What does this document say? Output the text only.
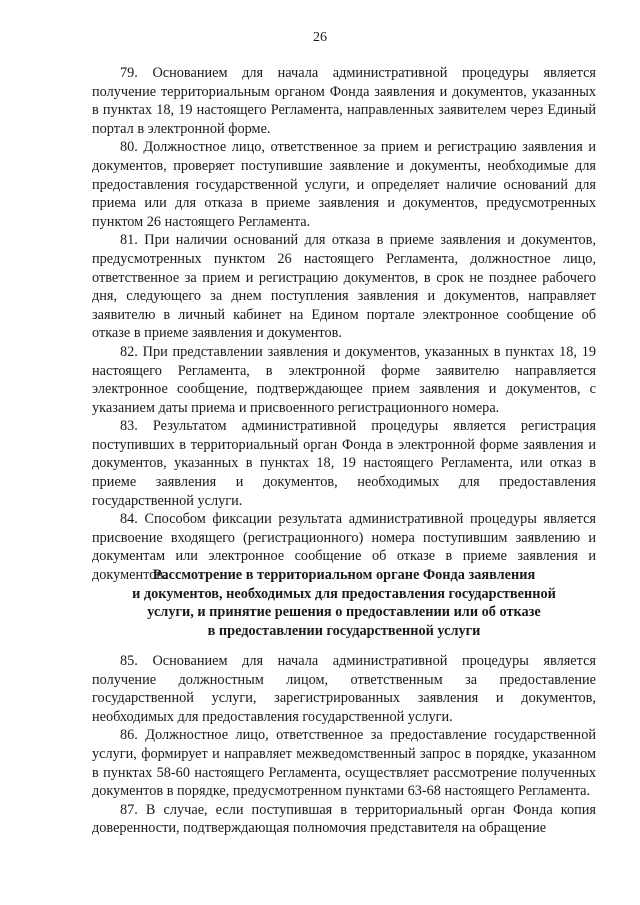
26

79. Основанием для начала административной процедуры является получение территориальным органом Фонда заявления и документов, указанных в пунктах 18, 19 настоящего Регламента, направленных заявителем через Единый портал в электронной форме.

80. Должностное лицо, ответственное за прием и регистрацию заявления и документов, проверяет поступившие заявление и документы, необходимые для предоставления государственной услуги, и определяет наличие оснований для приема или для отказа в приеме заявления и документов, предусмотренных пунктом 26 настоящего Регламента.

81. При наличии оснований для отказа в приеме заявления и документов, предусмотренных пунктом 26 настоящего Регламента, должностное лицо, ответственное за прием и регистрацию документов, в срок не позднее рабочего дня, следующего за днем поступления заявления и документов, направляет заявителю в личный кабинет на Едином портале электронное сообщение об отказе в приеме заявления и документов.

82. При представлении заявления и документов, указанных в пунктах 18, 19 настоящего Регламента, в электронной форме заявителю направляется электронное сообщение, подтверждающее прием заявления и документов, с указанием даты приема и присвоенного регистрационного номера.

83. Результатом административной процедуры является регистрация поступивших в территориальный орган Фонда в электронной форме заявления и документов, указанных в пунктах 18, 19 настоящего Регламента, или отказ в приеме заявления и документов, необходимых для предоставления государственной услуги.

84. Способом фиксации результата административной процедуры является присвоение входящего (регистрационного) номера поступившим заявлению и документам или электронное сообщение об отказе в приеме заявления и документов.

Рассмотрение в территориальном органе Фонда заявления
и документов, необходимых для предоставления государственной
услуги, и принятие решения о предоставлении или об отказе
в предоставлении государственной услуги

85. Основанием для начала административной процедуры является получение должностным лицом, ответственным за предоставление государственной услуги, зарегистрированных заявления и документов, необходимых для предоставления государственной услуги.

86. Должностное лицо, ответственное за предоставление государственной услуги, формирует и направляет межведомственный запрос в порядке, указанном в пунктах 58-60 настоящего Регламента, осуществляет рассмотрение полученных документов в порядке, предусмотренном пунктами 63-68 настоящего Регламента.

87. В случае, если поступившая в территориальный орган Фонда копия доверенности, подтверждающая полномочия представителя на обращение
